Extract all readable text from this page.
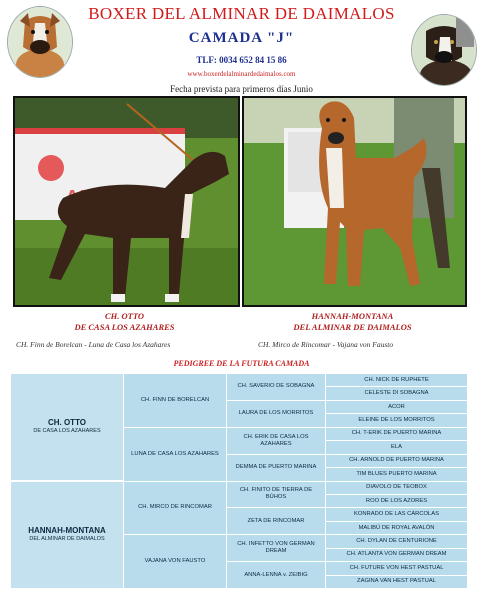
BOXER DEL ALMINAR DE DAIMALOS
CAMADA "J"
TLF: 0034 652 84 15 86
www.boxerdelalminardedaimalos.com
Fecha prevista para primeros días Junio
CH. OTTO
DE CASA LOS AZAHARES
HANNAH-MONTANA
DEL ALMINAR DE DAIMALOS
CH. Finn de Borelcan - Luna de Casa los Azahares	CH. Mirco de Rincomar - Vajana von Fausto
PEDIGREE DE LA FUTURA CAMADA
CH. OTTO
DE CASA LOS AZAHARES	CH. FINN DE BORELCAN	CH. SAVERIO DE SOBAGNA	CH. NICK DE RUPHETE
			CELESTE DI SOBAGNA
		LAURA DE LOS MORRITOS	ACOR
			ELEINE DE LOS MORRITOS
	LUNA DE CASA LOS AZAHARES	CH. ERIK DE CASA LOS AZAHARES	CH. T-ERIK DE PUERTO MARINA
			ELA
		DEMMA DE PUERTO MARINA	CH. ARNOLD DE PUERTO MARINA
			TIM BLUES PUERTO MARINA

HANNAH-MONTANA
DEL ALMINAR DE DAIMALOS	CH. MIRCO DE RINCOMAR	CH. FINITO DE TIERRA DE BÚHOS	DIAVOLO DE TEOBOX
			ROO DE LOS AZORES
		ZETA DE RINCOMAR	KONRADO DE LAS CÁRCOLAS
			MALIBÚ DE ROYAL AVALÓN
	VAJANA VON FAUSTO	CH. INFETTO VON GERMAN DREAM	CH. DYLAN DE CENTURIONE
			CH. ATLANTA VON GERMAN DREAM
		ANNA-LENNA v. ZEIBIG	CH. FUTURE VON HEST PASTUAL
			ZAGINA VAN HEST PASTUAL
